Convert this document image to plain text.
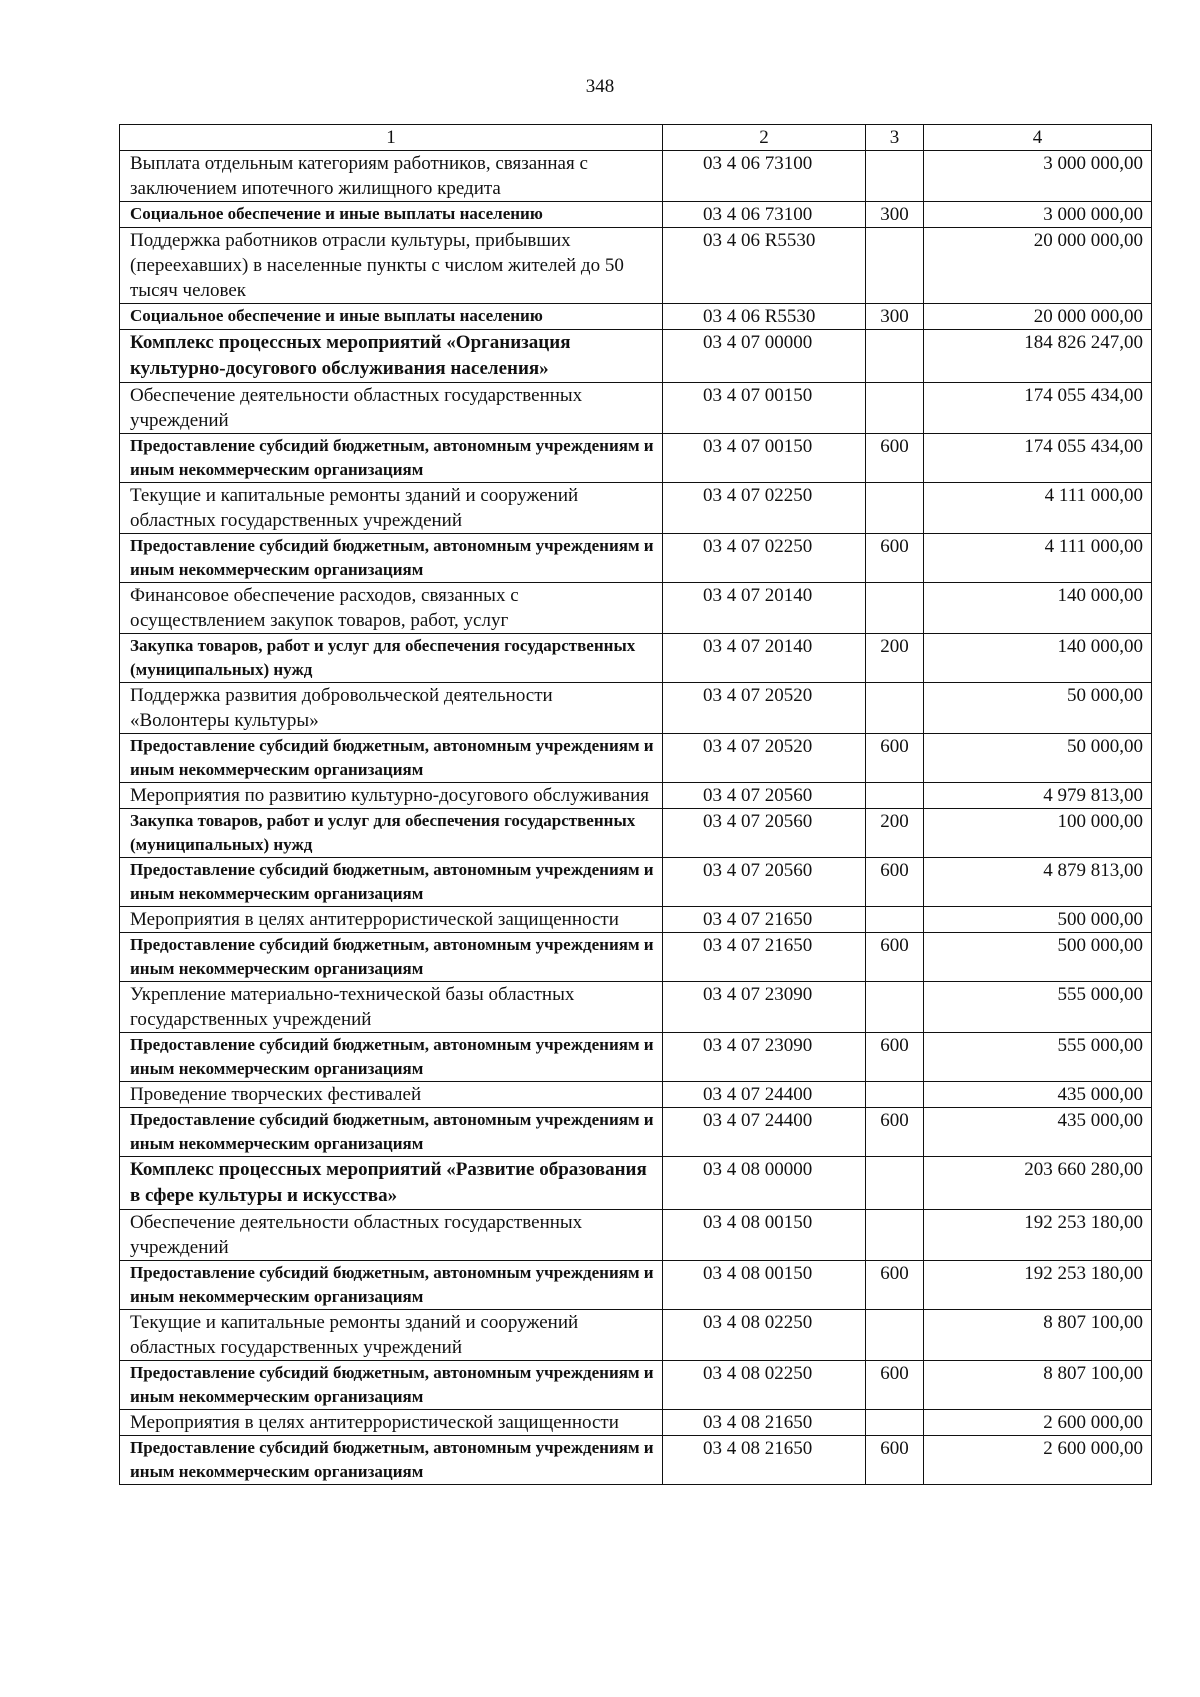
348
1	2	3	4
Выплата отдельным категориям работников, связанная с заключением ипотечного жилищного кредита	03 4 06 73100		3 000 000,00
Социальное обеспечение и иные выплаты населению	03 4 06 73100	300	3 000 000,00
Поддержка работников отрасли культуры, прибывших (переехавших) в населенные пункты с числом жителей до 50 тысяч человек	03 4 06 R5530		20 000 000,00
Социальное обеспечение и иные выплаты населению	03 4 06 R5530	300	20 000 000,00
Комплекс процессных мероприятий «Организация культурно-досугового обслуживания населения»	03 4 07 00000		184 826 247,00
Обеспечение деятельности областных государственных учреждений	03 4 07 00150		174 055 434,00
Предоставление субсидий бюджетным, автономным учреждениям и иным некоммерческим организациям	03 4 07 00150	600	174 055 434,00
Текущие и капитальные ремонты зданий и сооружений областных государственных учреждений	03 4 07 02250		4 111 000,00
Предоставление субсидий бюджетным, автономным учреждениям и иным некоммерческим организациям	03 4 07 02250	600	4 111 000,00
Финансовое обеспечение расходов, связанных с осуществлением закупок товаров, работ, услуг	03 4 07 20140		140 000,00
Закупка товаров, работ и услуг для обеспечения государственных (муниципальных) нужд	03 4 07 20140	200	140 000,00
Поддержка развития добровольческой деятельности «Волонтеры культуры»	03 4 07 20520		50 000,00
Предоставление субсидий бюджетным, автономным учреждениям и иным некоммерческим организациям	03 4 07 20520	600	50 000,00
Мероприятия по развитию культурно-досугового обслуживания	03 4 07 20560		4 979 813,00
Закупка товаров, работ и услуг для обеспечения государственных (муниципальных) нужд	03 4 07 20560	200	100 000,00
Предоставление субсидий бюджетным, автономным учреждениям и иным некоммерческим организациям	03 4 07 20560	600	4 879 813,00
Мероприятия в целях антитеррористической защищенности	03 4 07 21650		500 000,00
Предоставление субсидий бюджетным, автономным учреждениям и иным некоммерческим организациям	03 4 07 21650	600	500 000,00
Укрепление материально-технической базы областных государственных учреждений	03 4 07 23090		555 000,00
Предоставление субсидий бюджетным, автономным учреждениям и иным некоммерческим организациям	03 4 07 23090	600	555 000,00
Проведение творческих фестивалей	03 4 07 24400		435 000,00
Предоставление субсидий бюджетным, автономным учреждениям и иным некоммерческим организациям	03 4 07 24400	600	435 000,00
Комплекс процессных мероприятий «Развитие образования в сфере культуры и искусства»	03 4 08 00000		203 660 280,00
Обеспечение деятельности областных государственных учреждений	03 4 08 00150		192 253 180,00
Предоставление субсидий бюджетным, автономным учреждениям и иным некоммерческим организациям	03 4 08 00150	600	192 253 180,00
Текущие и капитальные ремонты зданий и сооружений областных государственных учреждений	03 4 08 02250		8 807 100,00
Предоставление субсидий бюджетным, автономным учреждениям и иным некоммерческим организациям	03 4 08 02250	600	8 807 100,00
Мероприятия в целях антитеррористической защищенности	03 4 08 21650		2 600 000,00
Предоставление субсидий бюджетным, автономным учреждениям и иным некоммерческим организациям	03 4 08 21650	600	2 600 000,00
